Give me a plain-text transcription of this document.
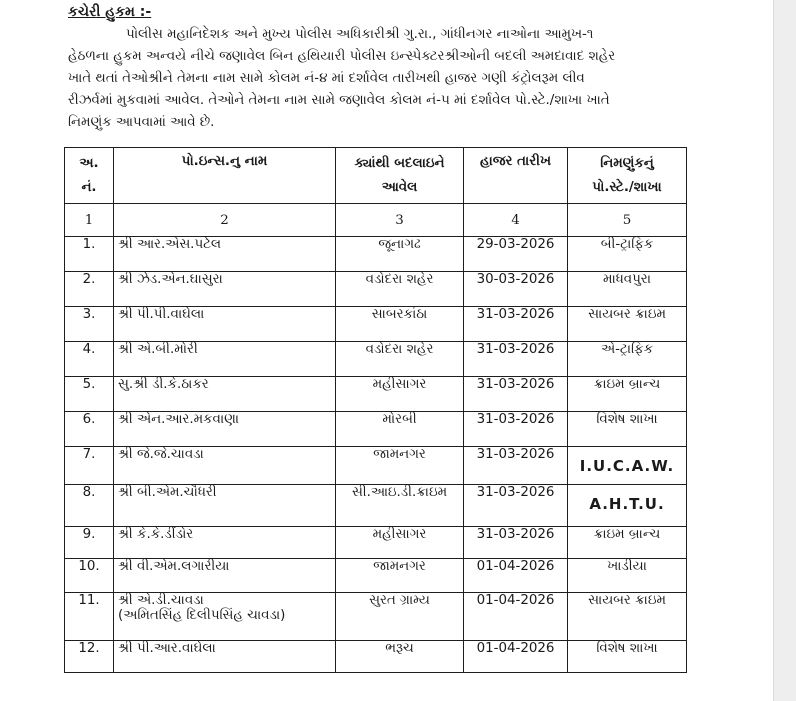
કચેરી હુકમ :-

પોલીસ મહાનિદેશક અને મુખ્ય પોલીસ અધિકારીશ્રી ગુ.રા., ગાંધીનગર નાઓના આમુખ-૧
હેઠળના હુકમ અન્વયે નીચે જણાવેલ બિન હથિયારી પોલીસ ઇન્સ્પેક્ટરશ્રીઓની બદલી અમદાવાદ શહેર
ખાતે થતાં તેઓશ્રીને તેમના નામ સામે કોલમ નં-૪ માં દર્શાવેલ તારીખથી હાજર ગણી કંટ્રોલરૂમ લીવ
રીઝર્વમાં મુકવામાં આવેલ. તેઓને તેમના નામ સામે જણાવેલ કોલમ નં-૫ માં દર્શાવેલ પો.સ્ટે./શાખા ખાતે
નિમણુંક આપવામાં આવે છે.

અ.
નં.	પો.ઇન્સ.નુ નામ	ક્યાંથી બદલાઇને
આવેલ	હાજર તારીખ	નિમણુંકનું
પો.સ્ટે./શાખા
1	2	3	4	5
1.	શ્રી આર.એસ.પટેલ	જૂનાગઢ	29-03-2026	બી-ટ્રાફિક
2.	શ્રી ઝેડ.એન.ઘાસુરા	વડોદરા શહેર	30-03-2026	માધવપુરા
3.	શ્રી પી.પી.વાઘેલા	સાબરકાંઠા	31-03-2026	સાયબર ક્રાઇમ
4.	શ્રી એ.બી.મોરી	વડોદરા શહેર	31-03-2026	એ-ટ્રાફિક
5.	સુ.શ્રી ડી.કે.ઠાકર	મહીસાગર	31-03-2026	ક્રાઇમ બ્રાન્ચ
6.	શ્રી એન.આર.મકવાણા	મોરબી	31-03-2026	વિશેષ શાખા
7.	શ્રી જે.જે.ચાવડા	જામનગર	31-03-2026	I.U.C.A.W.
8.	શ્રી બી.એમ.ચૌધરી	સી.આઇ.ડી.ક્રાઇમ	31-03-2026	A.H.T.U.
9.	શ્રી કે.કે.ડીંડોર	મહીસાગર	31-03-2026	ક્રાઇમ બ્રાન્ચ
10.	શ્રી વી.એમ.લગારીયા	જામનગર	01-04-2026	ખાડીયા
11.	શ્રી એ.ડી.ચાવડા
(અમિતસિંહ દિલીપસિંહ ચાવડા)	સુરત ગ્રામ્ય	01-04-2026	સાયબર ક્રાઇમ
12.	શ્રી પી.આર.વાઘેલા	ભરૂચ	01-04-2026	વિશેષ શાખા
